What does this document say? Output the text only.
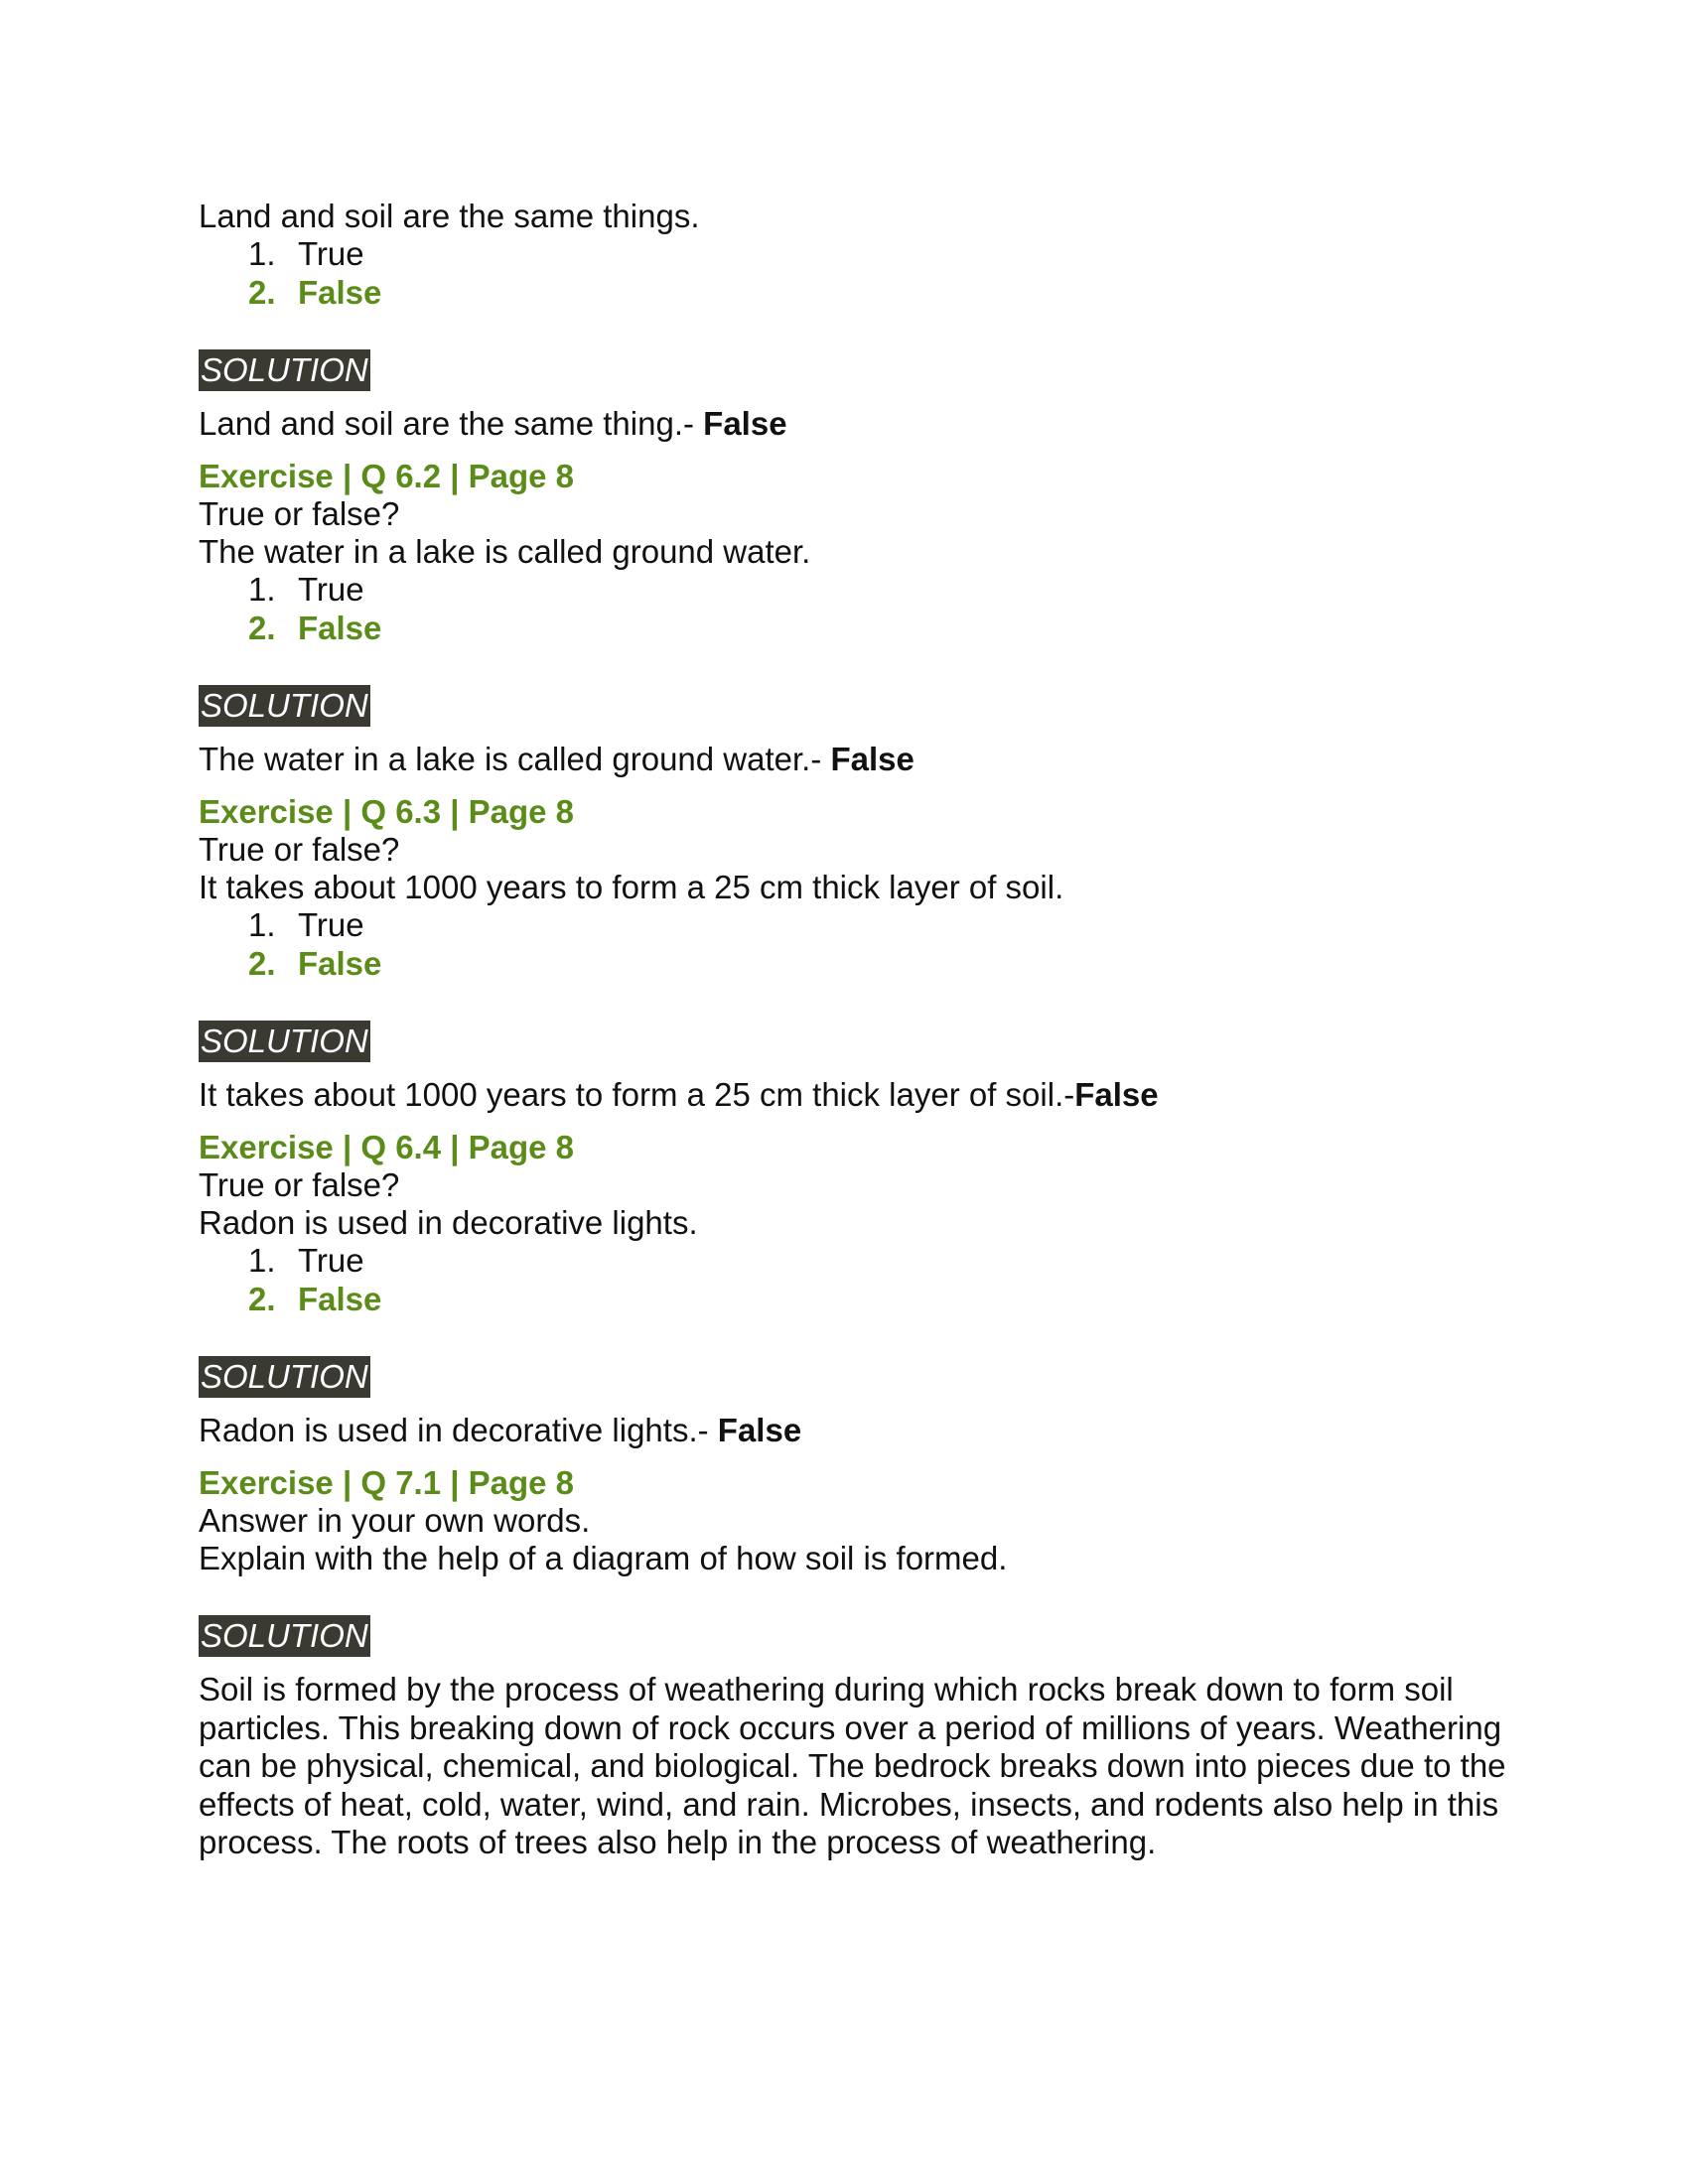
Land and soil are the same things.

1. True
2. False
SOLUTION

Land and soil are the same thing.- False

Exercise | Q 6.2 | Page 8

True or false?

The water in a lake is called ground water.

1. True
2. False
SOLUTION

The water in a lake is called ground water.- False

Exercise | Q 6.3 | Page 8

True or false?

It takes about 1000 years to form a 25 cm thick layer of soil.

1. True
2. False
SOLUTION

It takes about 1000 years to form a 25 cm thick layer of soil.-False

Exercise | Q 6.4 | Page 8

True or false?

Radon is used in decorative lights.

1. True
2. False
SOLUTION

Radon is used in decorative lights.- False

Exercise | Q 7.1 | Page 8

Answer in your own words.

Explain with the help of a diagram of how soil is formed.

SOLUTION

Soil is formed by the process of weathering during which rocks break down to form soil particles. This breaking down of rock occurs over a period of millions of years. Weathering can be physical, chemical, and biological. The bedrock breaks down into pieces due to the effects of heat, cold, water, wind, and rain. Microbes, insects, and rodents also help in this process. The roots of trees also help in the process of weathering.
